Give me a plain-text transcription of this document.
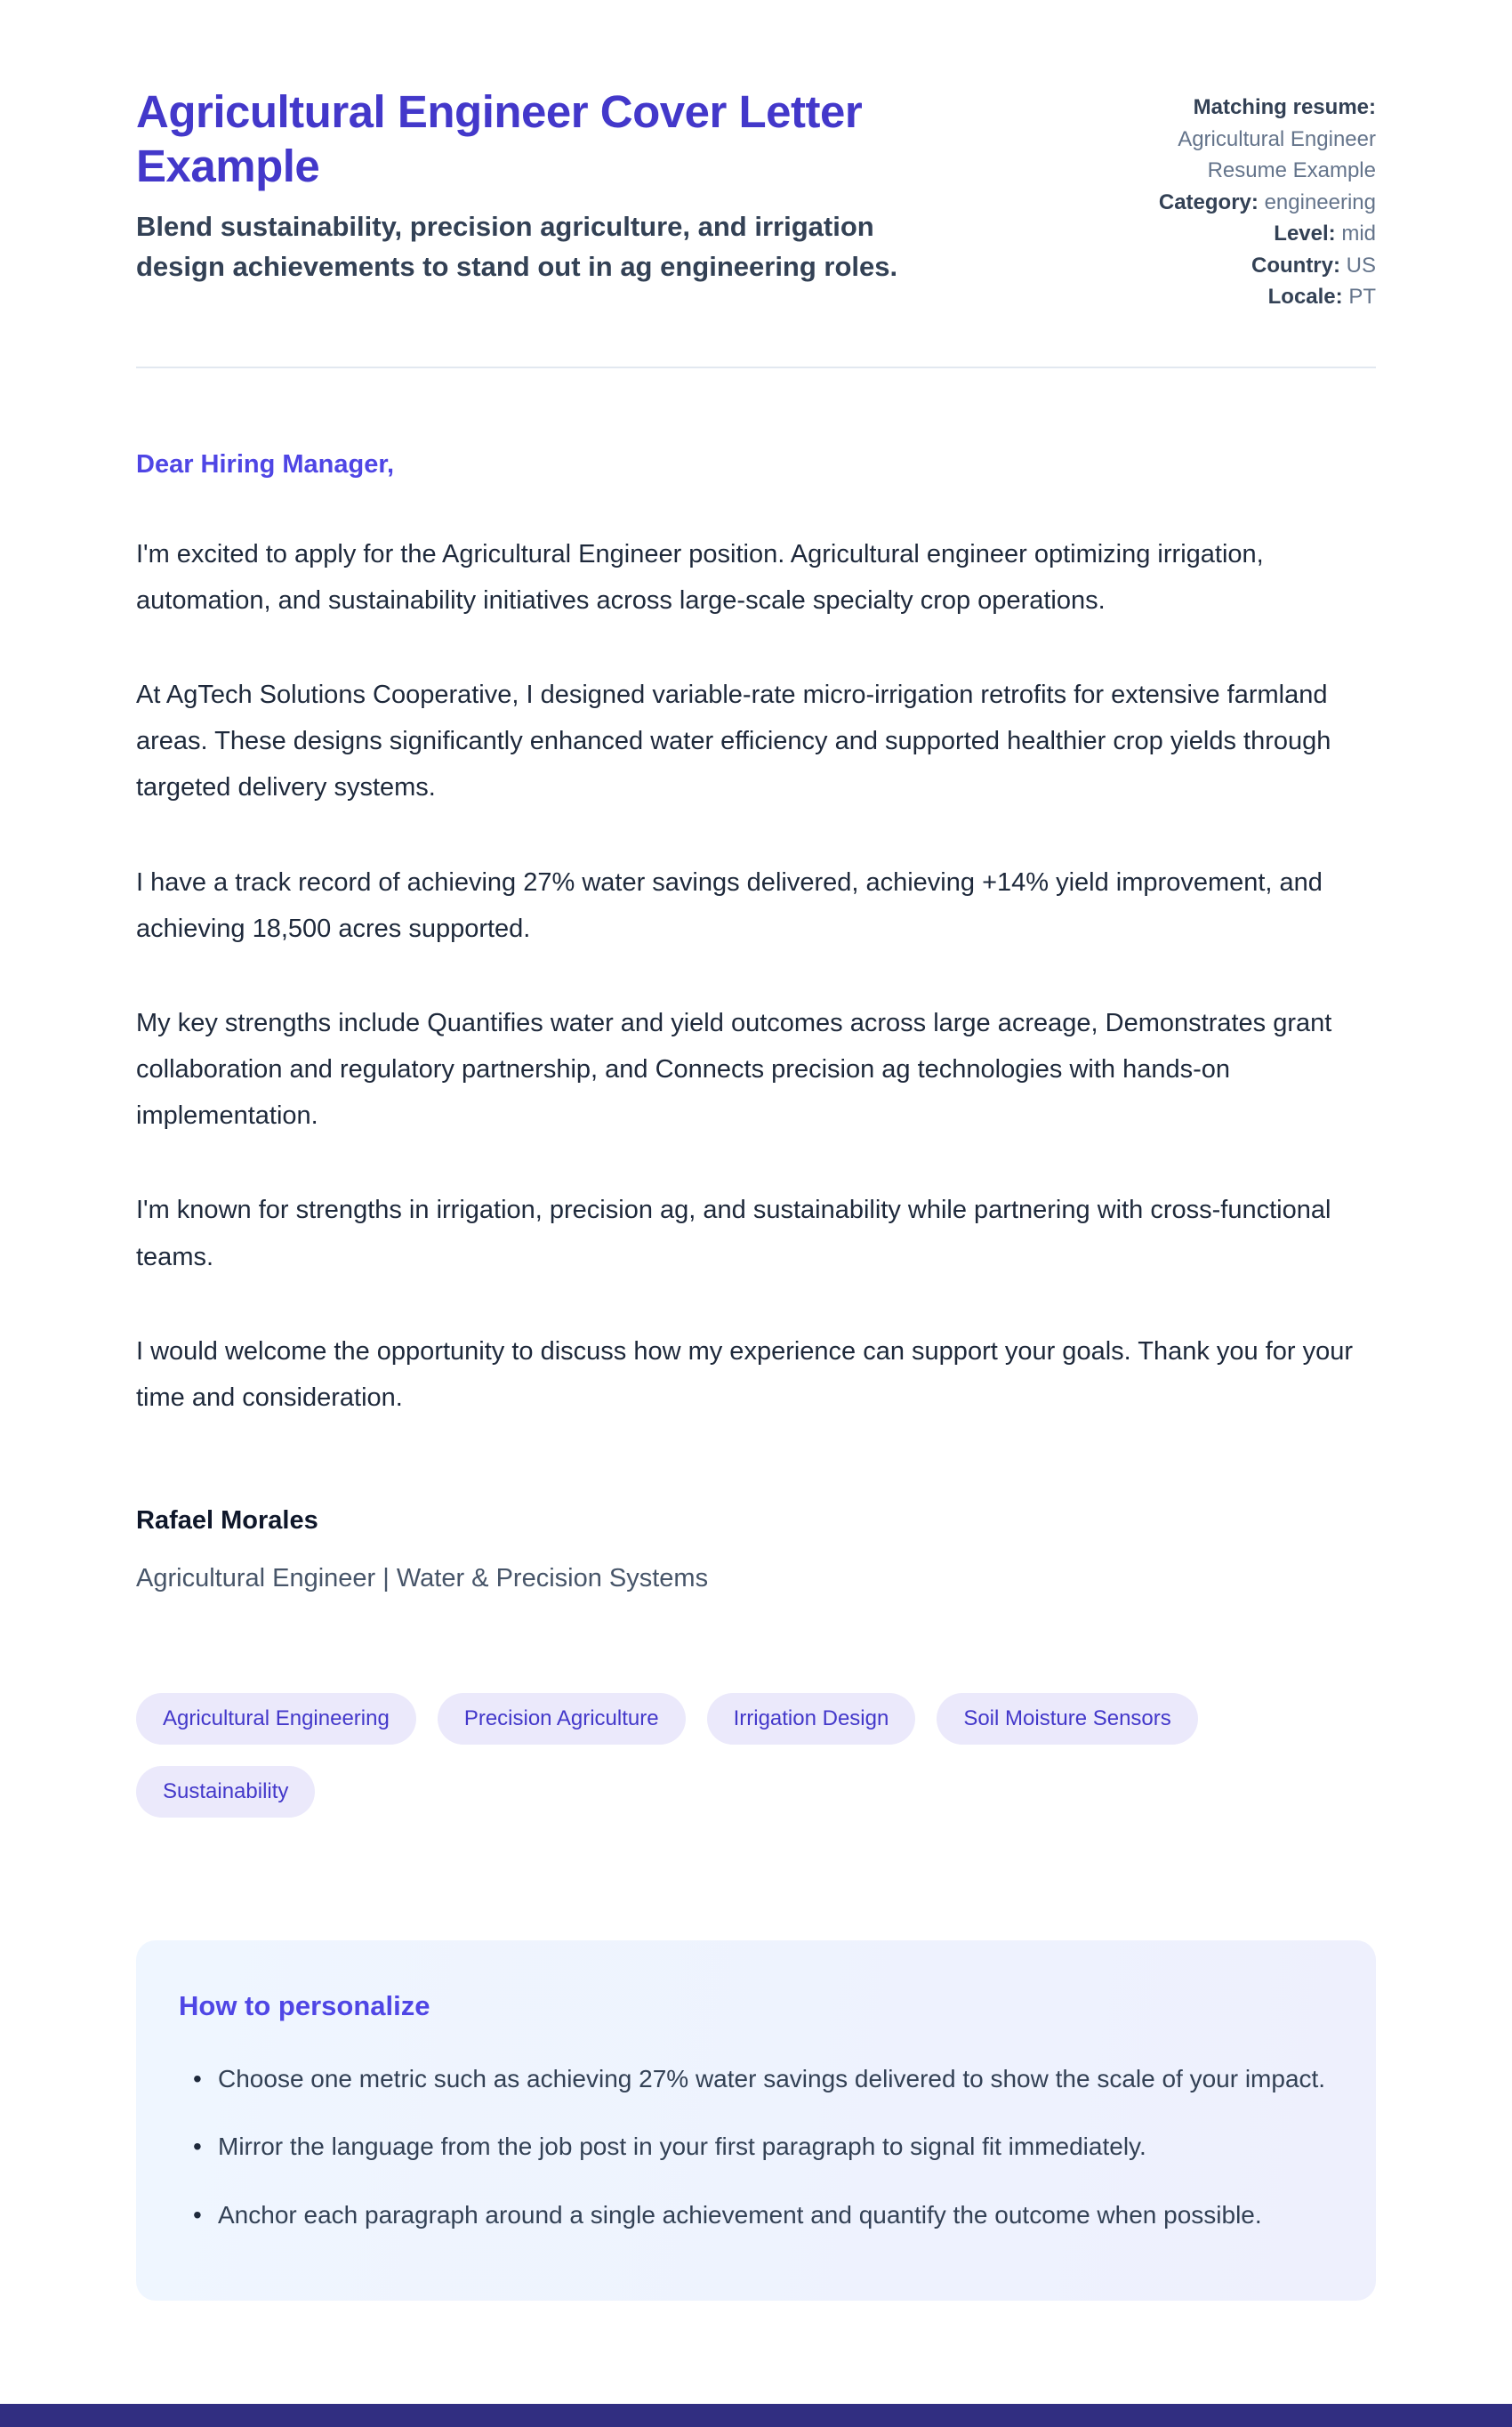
Agricultural Engineer Cover Letter Example

Blend sustainability, precision agriculture, and irrigation design achievements to stand out in ag engineering roles.

Matching resume:
Agricultural Engineer Resume Example
Category: engineering
Level: mid
Country: US
Locale: PT

Dear Hiring Manager,

I'm excited to apply for the Agricultural Engineer position. Agricultural engineer optimizing irrigation, automation, and sustainability initiatives across large-scale specialty crop operations.

At AgTech Solutions Cooperative, I designed variable-rate micro-irrigation retrofits for extensive farmland areas. These designs significantly enhanced water efficiency and supported healthier crop yields through targeted delivery systems.

I have a track record of achieving 27% water savings delivered, achieving +14% yield improvement, and achieving 18,500 acres supported.

My key strengths include Quantifies water and yield outcomes across large acreage, Demonstrates grant collaboration and regulatory partnership, and Connects precision ag technologies with hands-on implementation.

I'm known for strengths in irrigation, precision ag, and sustainability while partnering with cross-functional teams.

I would welcome the opportunity to discuss how my experience can support your goals. Thank you for your time and consideration.

Rafael Morales

Agricultural Engineer | Water & Precision Systems

Agricultural Engineering	Precision Agriculture	Irrigation Design	Soil Moisture Sensors
Sustainability
How to personalize
• Choose one metric such as achieving 27% water savings delivered to show the scale of your impact.
• Mirror the language from the job post in your first paragraph to signal fit immediately.
• Anchor each paragraph around a single achievement and quantify the outcome when possible.
